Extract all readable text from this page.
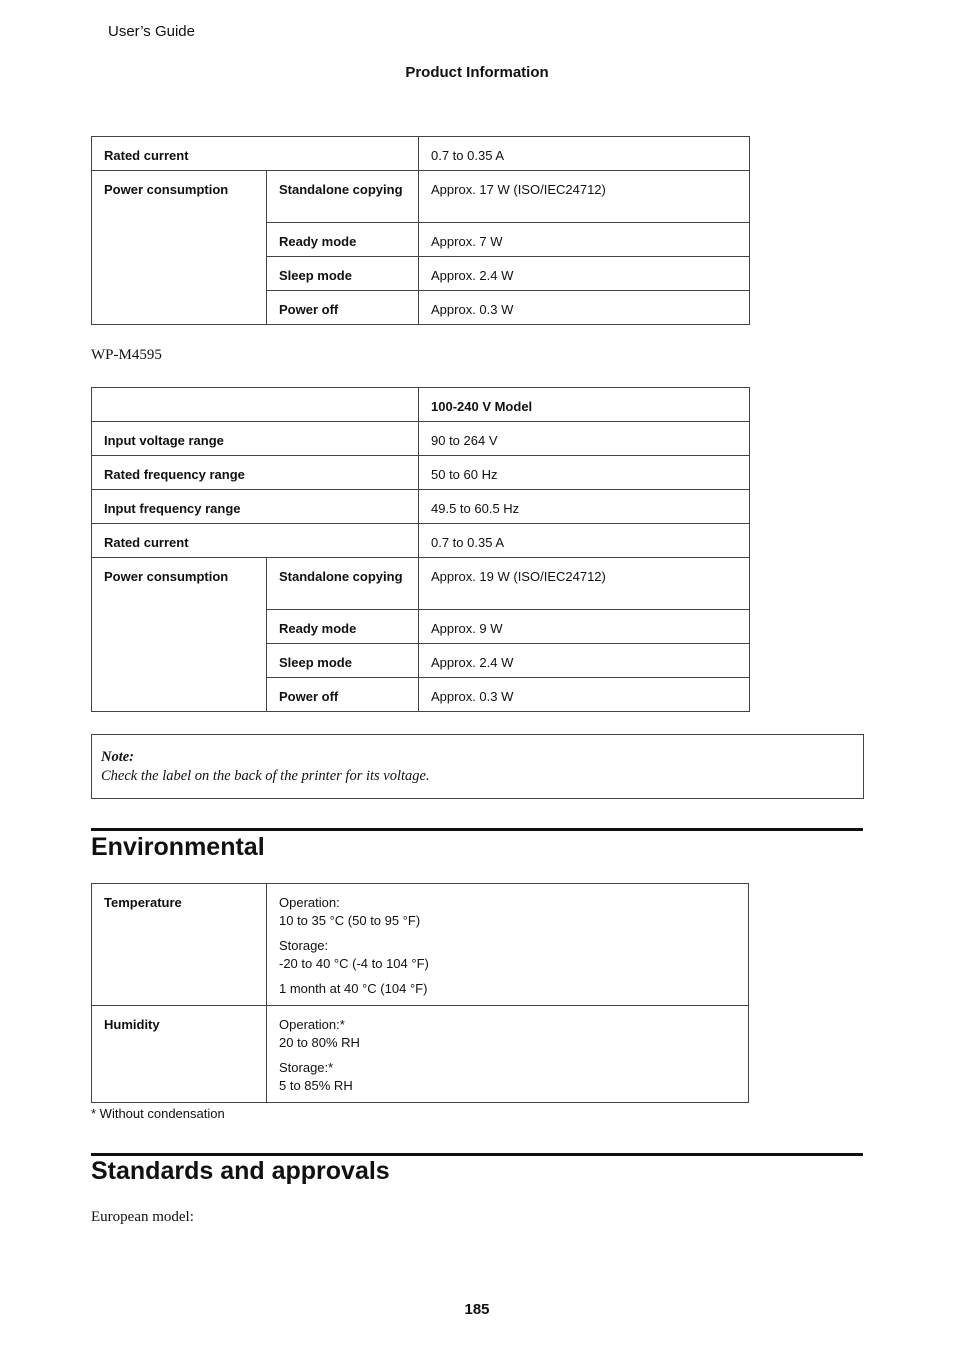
User’s Guide
Product Information
Rated current		0.7 to 0.35 A
Power consumption	Standalone copying	Approx. 17 W (ISO/IEC24712)
	Ready mode	Approx. 7 W
	Sleep mode	Approx. 2.4 W
	Power off	Approx. 0.3 W
WP-M4595
		100-240 V Model
Input voltage range		90 to 264 V
Rated frequency range		50 to 60 Hz
Input frequency range		49.5 to 60.5 Hz
Rated current		0.7 to 0.35 A
Power consumption	Standalone copying	Approx. 19 W (ISO/IEC24712)
	Ready mode	Approx. 9 W
	Sleep mode	Approx. 2.4 W
	Power off	Approx. 0.3 W
Note:
Check the label on the back of the printer for its voltage.
Environmental
Temperature	Operation:
10 to 35 °C (50 to 95 °F)

Storage:
-20 to 40 °C (-4 to 104 °F)

1 month at 40 °C (104 °F)

Humidity	Operation:*
20 to 80% RH

Storage:*
5 to 85% RH

* Without condensation
Standards and approvals
European model:
185
